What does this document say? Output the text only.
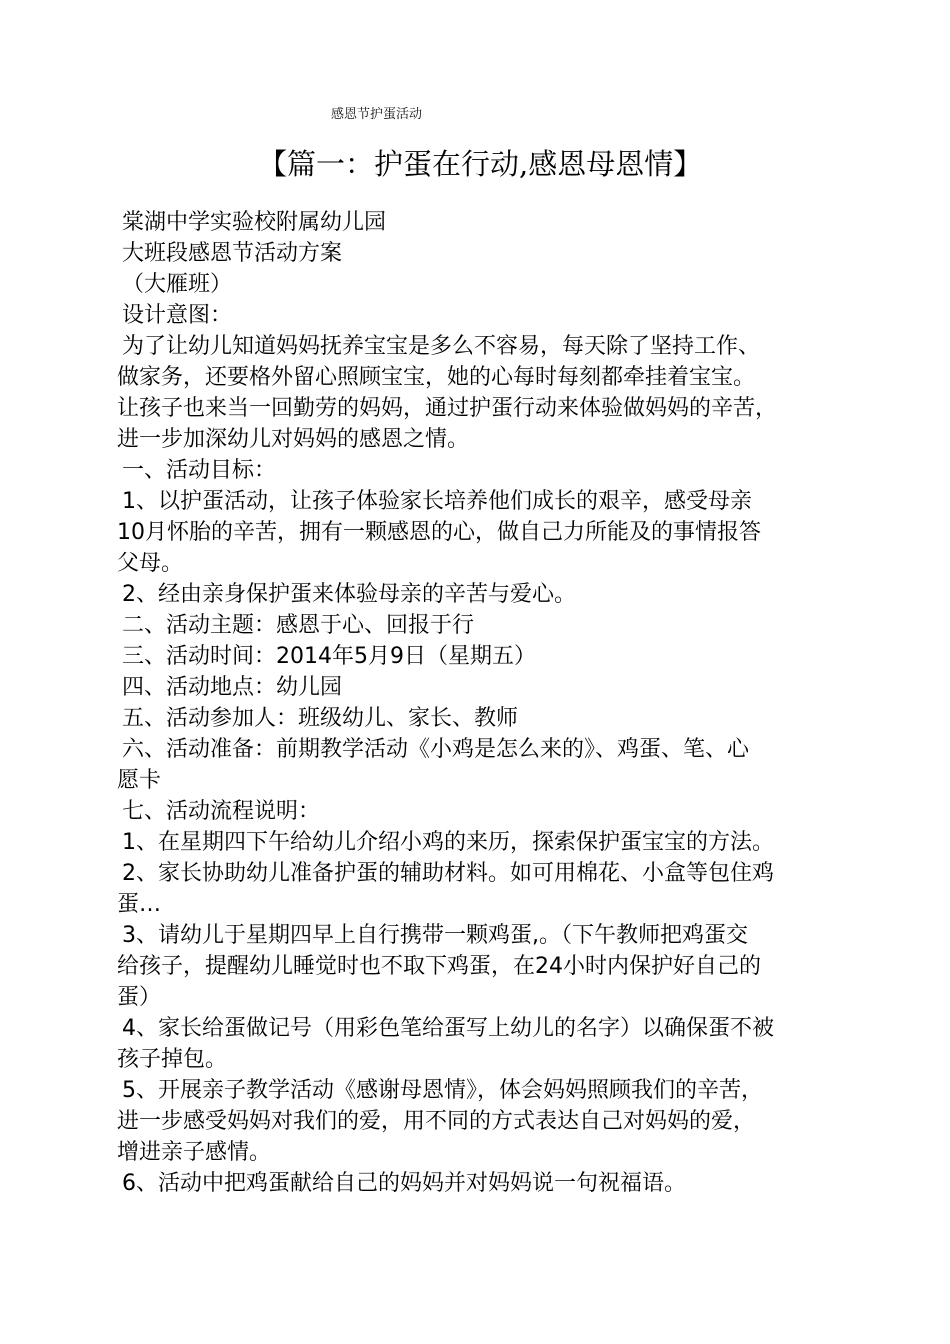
感恩节护蛋活动
【篇一：护蛋在行动,感恩母恩情】
棠湖中学实验校附属幼儿园
大班段感恩节活动方案
（大雁班）
设计意图：
为了让幼儿知道妈妈抚养宝宝是多么不容易，每天除了坚持工作、
做家务，还要格外留心照顾宝宝，她的心每时每刻都牵挂着宝宝。
让孩子也来当一回勤劳的妈妈，通过护蛋行动来体验做妈妈的辛苦，
进一步加深幼儿对妈妈的感恩之情。
一、活动目标：
1、以护蛋活动，让孩子体验家长培养他们成长的艰辛，感受母亲
10月怀胎的辛苦，拥有一颗感恩的心，做自己力所能及的事情报答
父母。
2、经由亲身保护蛋来体验母亲的辛苦与爱心。
二、活动主题：感恩于心、回报于行
三、活动时间：2014年5月9日（星期五）
四、活动地点：幼儿园
五、活动参加人：班级幼儿、家长、教师
六、活动准备：前期教学活动《小鸡是怎么来的》、鸡蛋、笔、心
愿卡
七、活动流程说明：
1、在星期四下午给幼儿介绍小鸡的来历，探索保护蛋宝宝的方法。
2、家长协助幼儿准备护蛋的辅助材料。如可用棉花、小盒等包住鸡
蛋…
3、请幼儿于星期四早上自行携带一颗鸡蛋,。（下午教师把鸡蛋交
给孩子，提醒幼儿睡觉时也不取下鸡蛋，在24小时内保护好自己的
蛋）
4、家长给蛋做记号（用彩色笔给蛋写上幼儿的名字）以确保蛋不被
孩子掉包。
5、开展亲子教学活动《感谢母恩情》，体会妈妈照顾我们的辛苦，
进一步感受妈妈对我们的爱，用不同的方式表达自己对妈妈的爱，
增进亲子感情。
6、活动中把鸡蛋献给自己的妈妈并对妈妈说一句祝福语。
